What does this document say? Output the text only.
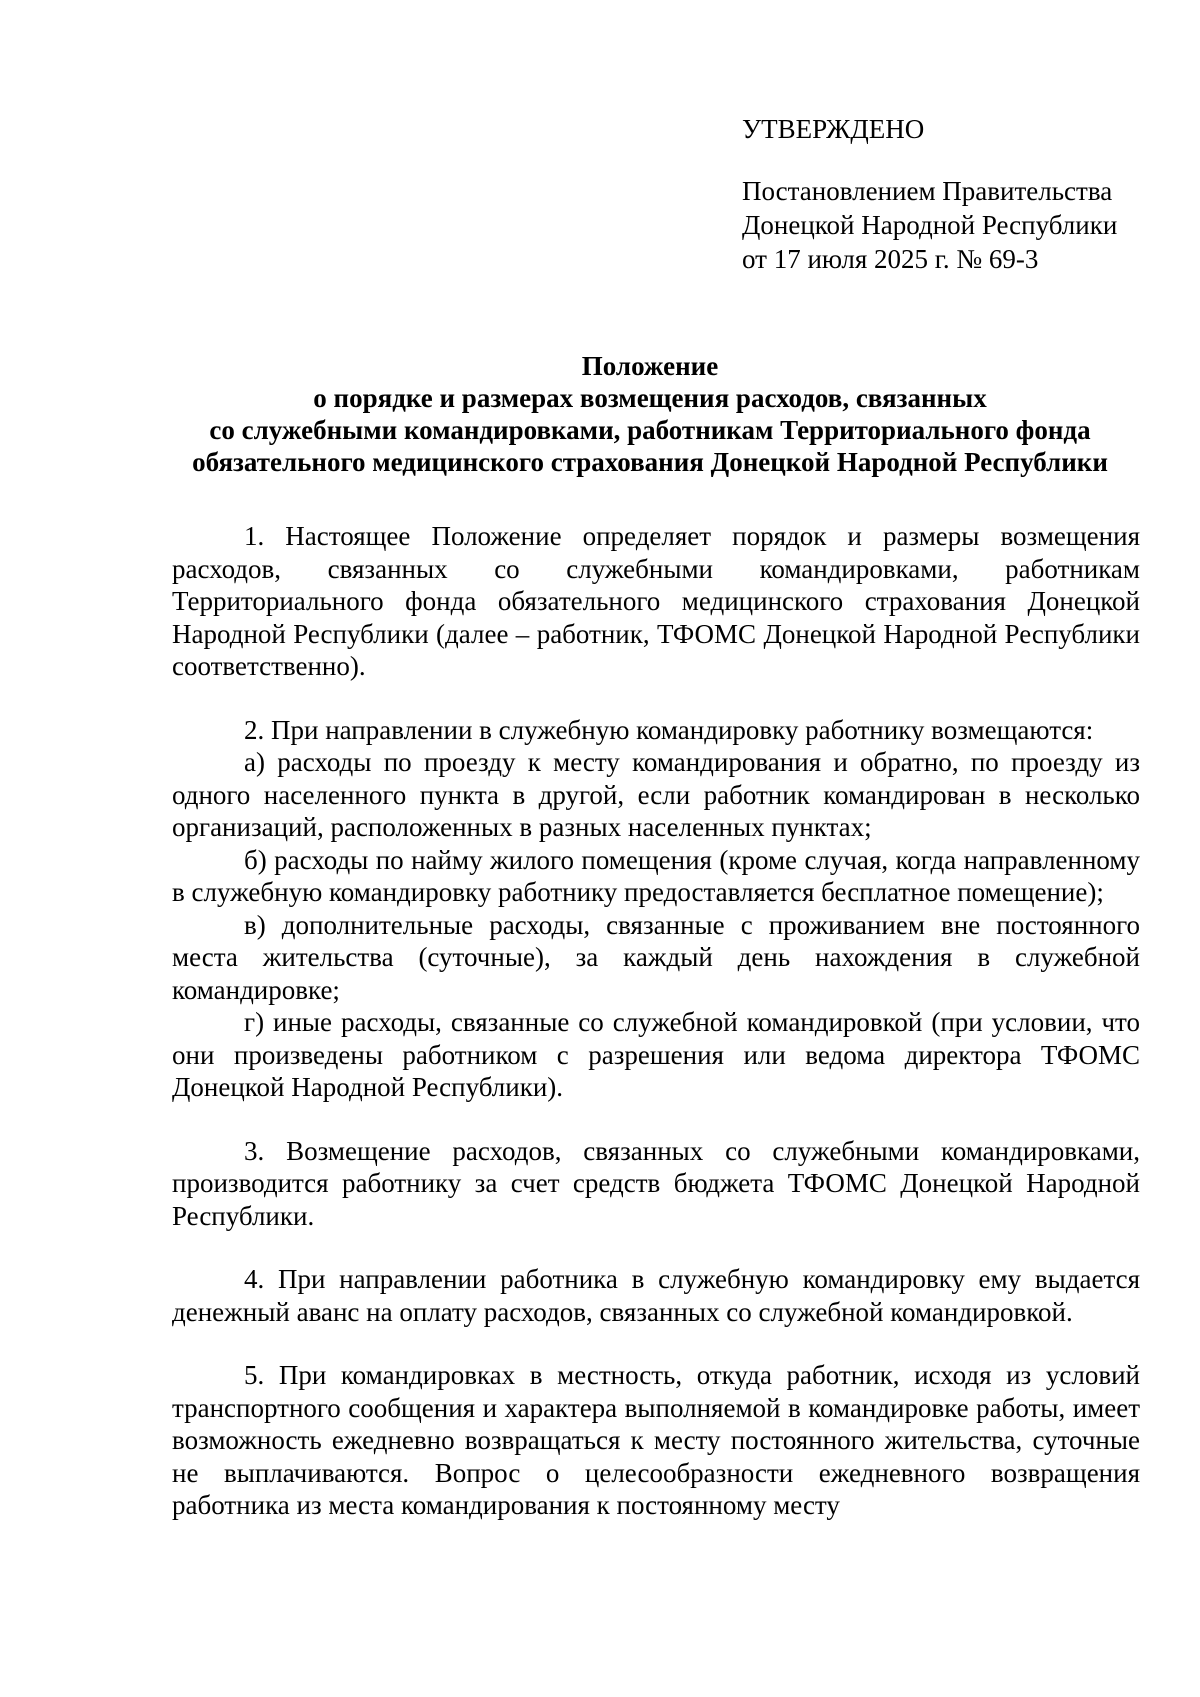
УТВЕРЖДЕНО
Постановлением Правительства
Донецкой Народной Республики
от 17 июля 2025 г. № 69-3
Положение
о порядке и размерах возмещения расходов, связанных
со служебными командировками, работникам Территориального фонда
обязательного медицинского страхования Донецкой Народной Республики

1. Настоящее Положение определяет порядок и размеры возмещения расходов, связанных со служебными командировками, работникам Территориального фонда обязательного медицинского страхования Донецкой Народной Республики (далее – работник, ТФОМС Донецкой Народной Республики соответственно).

2. При направлении в служебную командировку работнику возмещаются:

а) расходы по проезду к месту командирования и обратно, по проезду из одного населенного пункта в другой, если работник командирован в несколько организаций, расположенных в разных населенных пунктах;

б) расходы по найму жилого помещения (кроме случая, когда направленному в служебную командировку работнику предоставляется бесплатное помещение);

в) дополнительные расходы, связанные с проживанием вне постоянного места жительства (суточные), за каждый день нахождения в служебной командировке;

г) иные расходы, связанные со служебной командировкой (при условии, что они произведены работником с разрешения или ведома директора ТФОМС Донецкой Народной Республики).

3. Возмещение расходов, связанных со служебными командировками, производится работнику за счет средств бюджета ТФОМС Донецкой Народной Республики.

4. При направлении работника в служебную командировку ему выдается денежный аванс на оплату расходов, связанных со служебной командировкой.

5. При командировках в местность, откуда работник, исходя из условий транспортного сообщения и характера выполняемой в командировке работы, имеет возможность ежедневно возвращаться к месту постоянного жительства, суточные не выплачиваются. Вопрос о целесообразности ежедневного возвращения работника из места командирования к постоянному месту
